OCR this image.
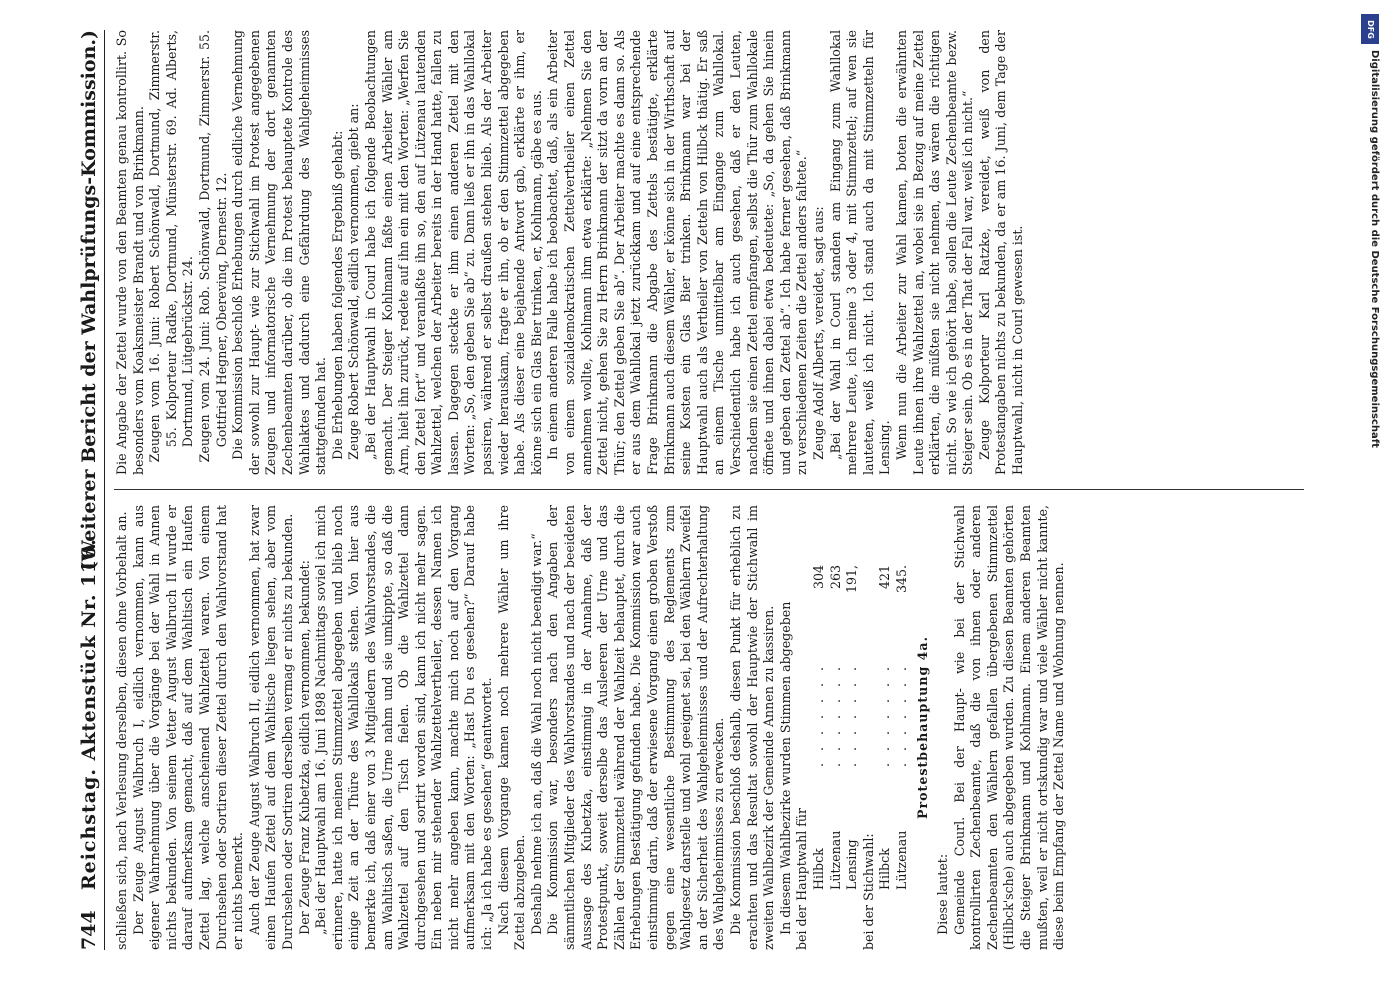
744
Reichstag.
Aktenstück Nr. 116.
(Weiterer Bericht der Wahlprüfungs-Kommission.)

schließen sich, nach Verlesung derselben, diesen ohne Vorbehalt an. Der Zeuge August Walbruch I, eidlich vernommen, kann aus eigener Wahrnehmung über die Vorgänge bei der Wahl in Annen nichts bekunden. Von seinem Vetter August Walbruch II wurde er darauf aufmerksam gemacht, daß auf dem Wahltisch ein Haufen Zettel lag, welche anscheinend Wahlzettel waren. Von einem Durchsehen oder Sortiren dieser Zettel durch den Wahlvorstand hat er nichts bemerkt. Auch der Zeuge August Walbruch II, eidlich vernommen, hat zwar einen Haufen Zettel auf dem Wahltische liegen sehen, aber vom Durchsehen oder Sortiren derselben vermag er nichts zu bekunden. Der Zeuge Franz Kubetzka, eidlich vernommen, bekundet: „Bei der Hauptwahl am 16. Juni 1898 Nachmittags soviel ich mich erinnere, hatte ich meinen Stimmzettel abgegeben und blieb noch einige Zeit an der Thüre des Wahllokals stehen. Von hier aus bemerkte ich, daß einer von 3 Mitgliedern des Wahlvorstandes, die am Wahltisch saßen, die Urne nahm und sie umkippte, so daß die Wahlzettel auf den Tisch fielen. Ob die Wahlzettel dann durchgesehen und sortirt worden sind, kann ich nicht mehr sagen. Ein neben mir stehender Wahlzettelvertheiler, dessen Namen ich nicht mehr angeben kann, machte mich noch auf den Vorgang aufmerksam mit den Worten: „Hast Du es gesehen?“ Darauf habe ich: „Ja ich habe es gesehen“ geantwortet. Nach diesem Vorgange kamen noch mehrere Wähler um ihre Zettel abzugeben. Deshalb nehme ich an, daß die Wahl noch nicht beendigt war.“ Die Kommission war, besonders nach den Angaben der sämmtlichen Mitglieder des Wahlvorstandes und nach der beeideten Aussage des Kubetzka, einstimmig in der Annahme, daß der Protestpunkt, soweit derselbe das Ausleeren der Urne und das Zählen der Stimmzettel während der Wahlzeit behauptet, durch die Erhebungen Bestätigung gefunden habe. Die Kommission war auch einstimmig darin, daß der erwiesene Vorgang einen groben Verstoß gegen eine wesentliche Bestimmung des Reglements zum Wahlgesetz darstelle und wohl geeignet sei, bei den Wählern Zweifel an der Sicherheit des Wahlgeheimnisses und der Aufrechterhaltung des Wahlgeheimnisses zu erwecken. Die Kommission beschloß deshalb, diesen Punkt für erheblich zu erachten und das Resultat sowohl der Hauptwie der Stichwahl im zweiten Wahlbezirk der Gemeinde Annen zu kassiren. In diesem Wahlbezirke wurden Stimmen abgegeben bei der Hauptwahl für		
Hilbck	. . . . . . .	304
Lützenau	. . . . . . .	263
Lensing	. . . . . . .	191,
bei der Stichwahl:		
Hilbck	. . . . . . .	421
Lützenau	. . . . . . .	345.

Protestbehauptung 4a.

Diese lautet: Gemeinde Courl. Bei der Haupt- wie bei der Stichwahl kontrollirten Zechenbeamte, daß die von ihnen oder anderen Zechenbeamten den Wählern gefallen übergebenen Stimmzettel (Hilbck'sche) auch abgegeben wurden. Zu diesen Beamten gehörten die Steiger Brinkmann und Kohlmann. Einem anderen Beamten mußten, weil er nicht ortskundig war und viele Wähler nicht kannte, diese beim Empfang der Zettel Name und Wohnung nennen.

Die Angabe der Zettel wurde von den Beamten genau kontrollirt. So besonders vom Koaksmeister Brandt und von Brinkmann. Zeugen vom 16. Juni: Robert Schönwald, Dortmund, Zimmerstr. 55. Kolporteur Radke, Dortmund, Münsterstr. 69. Ad. Alberts, Dortmund, Lütgebrückstr. 24. Zeugen vom 24. Juni: Rob. Schönwald, Dortmund, Zimmerstr. 55. Gottfried Hegner, Oberevinq, Dernestr. 12. Die Kommission beschloß Erhebungen durch eidliche Vernehmung der sowohl zur Haupt- wie zur Stichwahl im Protest angegebenen Zeugen und informatorische Vernehmung der dort genannten Zechenbeamten darüber, ob die im Protest behauptete Kontrole des Wahlaktes und dadurch eine Gefährdung des Wahlgeheimnisses stattgefunden hat. Die Erhebungen haben folgendes Ergebniß gehabt: Zeuge Robert Schönwald, eidlich vernommen, giebt an: „Bei der Hauptwahl in Courl habe ich folgende Beobachtungen gemacht. Der Steiger Kohlmann faßte einen Arbeiter Wähler am Arm, hielt ihn zurück, redete auf ihn ein mit den Worten: „Werfen Sie den Zettel fort“ und veranlaßte ihn so, den auf Lützenau lautenden Wahlzettel, welchen der Arbeiter bereits in der Hand hatte, fallen zu lassen. Dagegen steckte er ihm einen anderen Zettel mit den Worten: „So, den geben Sie ab“ zu. Dann ließ er ihn in das Wahllokal passiren, während er selbst draußen stehen blieb. Als der Arbeiter wieder herauskam, fragte er ihn, ob er den Stimmzettel abgegeben habe. Als dieser eine bejahende Antwort gab, erklärte er ihm, er könne sich ein Glas Bier trinken, er, Kohlmann, gäbe es aus. In einem anderen Falle habe ich beobachtet, daß, als ein Arbeiter von einem sozialdemokratischen Zettelvertheiler einen Zettel annehmen wollte, Kohlmann ihm etwa erklärte: „Nehmen Sie den Zettel nicht, gehen Sie zu Herrn Brinkmann der sitzt da vorn an der Thür; den Zettel geben Sie ab“. Der Arbeiter machte es dann so. Als er aus dem Wahllokal jetzt zurückkam und auf eine entsprechende Frage Brinkmann die Abgabe des Zettels bestätigte, erklärte Brinkmann auch diesem Wähler, er könne sich in der Wirthschaft auf seine Kosten ein Glas Bier trinken. Brinkmann war bei der Hauptwahl auch als Vertheiler von Zetteln von Hilbck thätig. Er saß an einem Tische unmittelbar am Eingange zum Wahllokal. Verschiedentlich habe ich auch gesehen, daß er den Leuten, nachdem sie einen Zettel empfangen, selbst die Thür zum Wahllokale öffnete und ihnen dabei etwa bedeutete: „So, da gehen Sie hinein und geben den Zettel ab“. Ich habe ferner gesehen, daß Brinkmann zu verschiedenen Zeiten die Zettel anders faltete.“ Zeuge Adolf Alberts, vereidet, sagt aus: „Bei der Wahl in Courl standen am Eingang zum Wahllokal mehrere Leute, ich meine 3 oder 4, mit Stimmzettel; auf wen sie lauteten, weiß ich nicht. Ich stand auch da mit Stimmzetteln für Lensing. Wenn nun die Arbeiter zur Wahl kamen, boten die erwähnten Leute ihnen ihre Wahlzettel an, wobei sie in Bezug auf meine Zettel erklärten, die müßten sie nicht nehmen, das wären die richtigen nicht. So wie ich gehört habe, sollen die Leute Zechenbeamte bezw. Steiger sein. Ob es in der That der Fall war, weiß ich nicht.“ Zeuge Kolporteur Karl Ratzke, vereidet, weiß von den Protestangaben nichts zu bekunden, da er am 16. Juni, dem Tage der Hauptwahl, nicht in Courl gewesen ist.

DFG
Digitalisierung gefördert durch die Deutsche Forschungsgemeinschaft
